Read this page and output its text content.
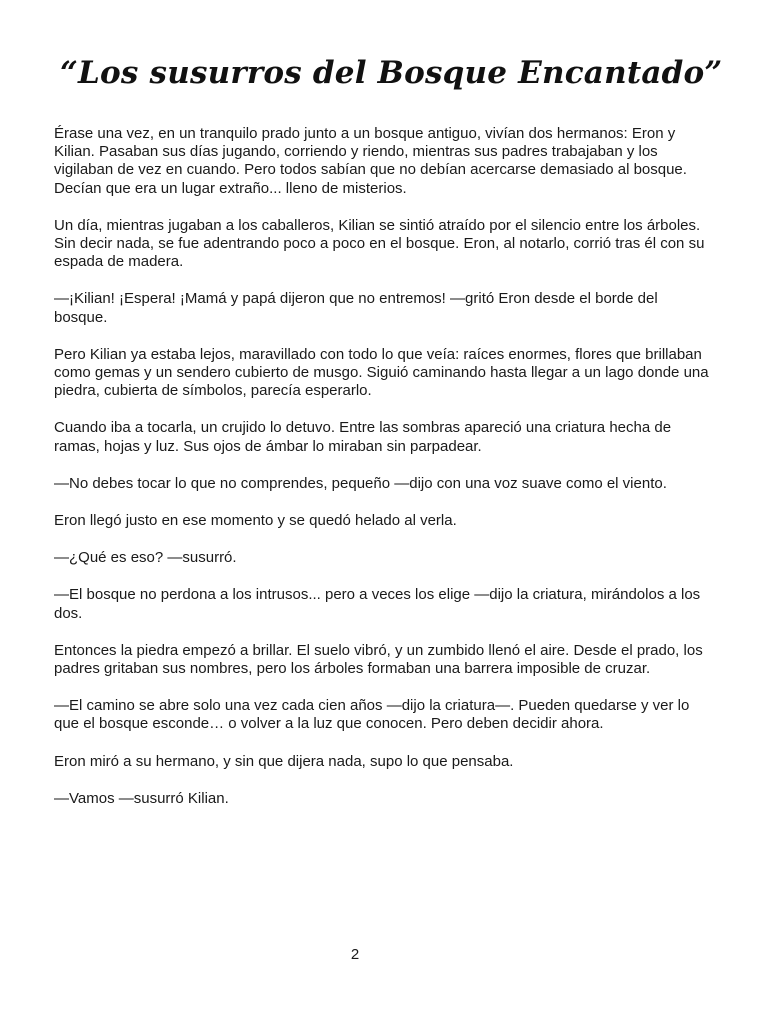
“Los susurros del Bosque Encantado”

Érase una vez, en un tranquilo prado junto a un bosque antiguo, vivían dos hermanos: Eron y Kilian. Pasaban sus días jugando, corriendo y riendo, mientras sus padres trabajaban y los vigilaban de vez en cuando. Pero todos sabían que no debían acercarse demasiado al bosque. Decían que era un lugar extraño... lleno de misterios.

Un día, mientras jugaban a los caballeros, Kilian se sintió atraído por el silencio entre los árboles. Sin decir nada, se fue adentrando poco a poco en el bosque. Eron, al notarlo, corrió tras él con su espada de madera.

—¡Kilian! ¡Espera! ¡Mamá y papá dijeron que no entremos! —gritó Eron desde el borde del bosque.

Pero Kilian ya estaba lejos, maravillado con todo lo que veía: raíces enormes, flores que brillaban como gemas y un sendero cubierto de musgo. Siguió caminando hasta llegar a un lago donde una piedra, cubierta de símbolos, parecía esperarlo.

Cuando iba a tocarla, un crujido lo detuvo. Entre las sombras apareció una criatura hecha de ramas, hojas y luz. Sus ojos de ámbar lo miraban sin parpadear.

—No debes tocar lo que no comprendes, pequeño —dijo con una voz suave como el viento.

Eron llegó justo en ese momento y se quedó helado al verla.

—¿Qué es eso? —susurró.

—El bosque no perdona a los intrusos... pero a veces los elige —dijo la criatura, mirándolos a los dos.

Entonces la piedra empezó a brillar. El suelo vibró, y un zumbido llenó el aire. Desde el prado, los padres gritaban sus nombres, pero los árboles formaban una barrera imposible de cruzar.

—El camino se abre solo una vez cada cien años —dijo la criatura—. Pueden quedarse y ver lo que el bosque esconde… o volver a la luz que conocen. Pero deben decidir ahora.

Eron miró a su hermano, y sin que dijera nada, supo lo que pensaba.

—Vamos —susurró Kilian.

2
